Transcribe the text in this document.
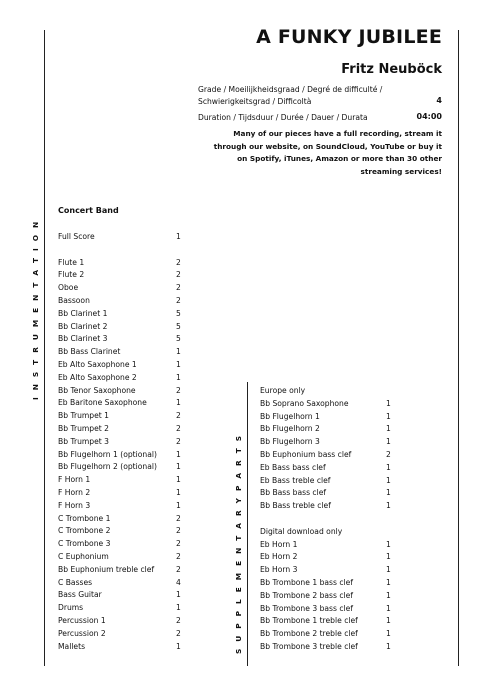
A FUNKY JUBILEE
Fritz Neuböck
Grade / Moeilijkheidsgraad / Degré de difficulté /
Schwierigkeitsgrad / Difficoltà	4
Duration / Tijdsduur / Durée / Dauer / Durata	04:00
Many of our pieces have a full recording, stream it through our website, on SoundCloud, YouTube or buy it on Spotify, iTunes, Amazon or more than 30 other streaming services!
I N S T R U M E N T A T I O N
S U P P L E M E N T A R Y P A R T S
Concert Band
Full Score	1
Flute 1	2
Flute 2	2
Oboe	2
Bassoon	2
Bb Clarinet 1	5
Bb Clarinet 2	5
Bb Clarinet 3	5
Bb Bass Clarinet	1
Eb Alto Saxophone 1	1
Eb Alto Saxophone 2	1
Bb Tenor Saxophone	2
Eb Baritone Saxophone	1
Bb Trumpet 1	2
Bb Trumpet 2	2
Bb Trumpet 3	2
Bb Flugelhorn 1 (optional)	1
Bb Flugelhorn 2 (optional)	1
F Horn 1	1
F Horn 2	1
F Horn 3	1
C Trombone 1	2
C Trombone 2	2
C Trombone 3	2
C Euphonium	2
Bb Euphonium treble clef	2
C Basses	4
Bass Guitar	1
Drums	1
Percussion 1	2
Percussion 2	2
Mallets	1
Europe only
Bb Soprano Saxophone	1
Bb Flugelhorn 1	1
Bb Flugelhorn 2	1
Bb Flugelhorn 3	1
Bb Euphonium bass clef	2
Eb Bass bass clef	1
Eb Bass treble clef	1
Bb Bass bass clef	1
Bb Bass treble clef	1
Digital download only
Eb Horn 1	1
Eb Horn 2	1
Eb Horn 3	1
Bb Trombone 1 bass clef	1
Bb Trombone 2 bass clef	1
Bb Trombone 3 bass clef	1
Bb Trombone 1 treble clef	1
Bb Trombone 2 treble clef	1
Bb Trombone 3 treble clef	1
